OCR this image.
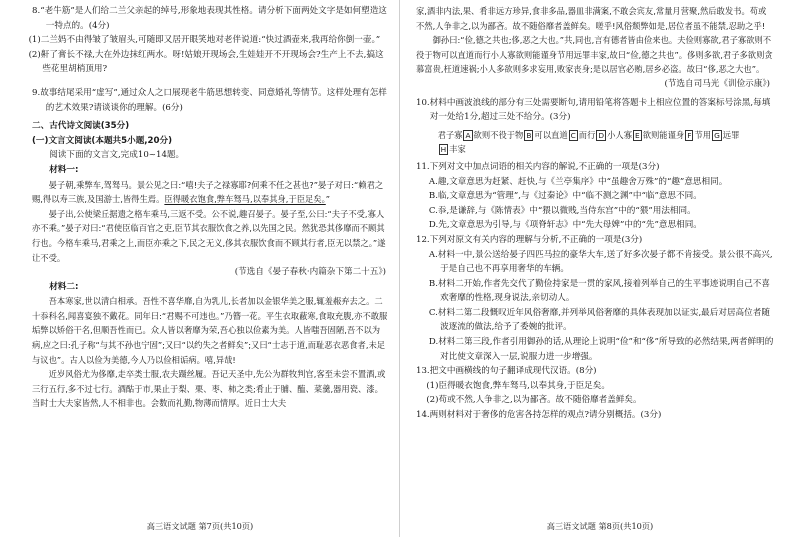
8.“老牛筋”是人们给二兰父亲起的绰号,形象地表现其性格。请分析下面两处文字是如何塑造这一特点的。(4分)

(1)二兰妈不由得皱了皱眉头,可随即又居开眼笑地对老伴说道:“快过酒壶来,我再给你倒一壶。”

(2)鼾了膏长不禄,大在外边抹红两水。呀!姑娘开现场会,生娃娃开不开现场会?生产上不去,搞这些花里胡梢顶用?

9.故事结尾采用“虚写”,通过众人之口展现老牛筋思想转变、同意婚礼等情节。这样处理有怎样的艺术效果?请谈谈你的理解。(6分)

二、古代诗文阅读(35分)

(一)文言文阅读(本题共5小题,20分)

阅读下面的文言文,完成10~14题。

材料一:

晏子朝,乘弊车,驾驽马。景公见之曰:“嘻!夫子之禄寡耶?何乘不任之甚也?”晏子对曰:“赖君之赐,得以寿三族,及国游士,皆得生焉。臣得暖衣饱食,弊车驽马,以奉其身,于臣足矣。”

晏子出,公使梁丘据遗之格车乘马,三返不受。公不说,趣召晏子。晏子至,公曰:“夫子不受,寡人亦不乘。”晏子对曰:“君使臣临百官之吏,臣节其衣服饮食之养,以先国之民。然犹恐其侈靡而不顾其行也。今格车乘马,君乘之上,而臣亦乘之下,民之无义,侈其衣服饮食而不顾其行者,臣无以禁之。”遂让不受。

(节选自《晏子春秋·内篇杂下第二十五》)

材料二:

吾本寒家,世以清白相承。吾性不喜华靡,自为乳儿,长者加以金银华美之服,辄羞赧弃去之。二十忝科名,闻喜宴独不戴花。同年曰:“君赐不可违也。”乃簪一花。平生衣取蔽寒,食取充腹,亦不敢服垢弊以矫俗干名,但顺吾性而已。众人皆以奢靡为荣,吾心独以俭素为美。人皆嗤吾固陋,吾不以为病,应之曰:孔子称“与其不孙也宁固”;又曰“以约失之者鲜矣”;又曰“士志于道,而耻恶衣恶食者,未足与议也”。古人以俭为美德,今人乃以俭相诟病。嘻,异哉!

近岁风俗尤为侈靡,走卒类士服,农夫蹑丝履。吾记天圣中,先公为群牧判官,客至未尝不置酒,或三行五行,多不过七行。酒酤于市,果止于梨、栗、枣、柿之类;肴止于脯、醢、菜羹,器用瓷、漆。当时士大夫家皆然,人不相非也。会数而礼勤,物薄而情厚。近日士大夫

高三语文试题 第7页(共10页)

家,酒非内法,果、肴非远方珍异,食非多品,器皿非满案,不敢会宾友,常量月营聚,然后敢发书。苟或不然,人争非之,以为鄙吝。故不随俗靡者盖鲜矣。嗟乎!风俗颓弊如是,居位者虽不能禁,忍助之乎!

御孙曰:“俭,德之共也;侈,恶之大也。”共,同也,言有德者皆由俭来也。夫俭则寡欲,君子寡欲则不役于物可以直道而行小人寡欲则能谨身节用远罪丰家,故曰“俭,德之共也”。侈则多欲,君子多欲则贪慕富贵,枉道速祸;小人多欲则多求妄用,败家丧身;是以居官必贿,居乡必盗。故曰“侈,恶之大也”。

(节选自司马光《训俭示康》)

10.材料中画波浪线的部分有三处需要断句,请用铅笔将答题卡上相应位置的答案标号涂黑,每填对一处给1分,超过三处不给分。(3分)

君子寡 A 欲则不役于物 B 可以直道 C 而行 D 小人寡 E 欲则能谨身 F 节用 G 远罪
H 丰家

11.下列对文中加点词语的相关内容的解说,不正确的一项是(3分)

A.趣,文章意思为赶紧、赶快,与《兰亭集序》中“虽趣舍万殊”的“趣”意思相同。

B.临,文章意思为“管理”,与《过秦论》中“临不测之渊”中“临”意思不同。

C.忝,是谦辞,与《陈情表》中“猥以微贱,当侍东宫”中的“猥”用法相同。

D.先,文章意思为引导,与《项脊轩志》中“先大母婢”中的“先”意思相同。

12.下列对原文有关内容的理解与分析,不正确的一项是(3分)

A.材料一中,景公送给晏子四匹马拉的豪华大车,送了好多次晏子都不肯接受。景公很不高兴,于是自己也不再享用奢华的车辆。

B.材料二开始,作者先交代了勤俭持家是一贯的家风,接着列举自己的生平事迹说明自己不喜欢奢靡的性格,现身说法,亲切动人。

C.材料二第二段慨叹近年风俗奢靡,并列举风俗奢靡的具体表现加以证实,最后对居高位者随波逐流的做法,给予了委婉的批评。

D.材料二第三段,作者引用御孙的话,从理论上说明“俭”和“侈”所导致的必然结果,两者鲜明的对比使文章深入一层,说服力进一步增强。

13.把文中画横线的句子翻译成现代汉语。(8分)

(1)臣得暖衣饱食,弊车驽马,以奉其身,于臣足矣。

(2)苟或不然,人争非之,以为鄙吝。故不随俗靡者盖鲜矣。

14.两则材料对于奢侈的危害各持怎样的观点?请分别概括。(3分)

高三语文试题 第8页(共10页)
